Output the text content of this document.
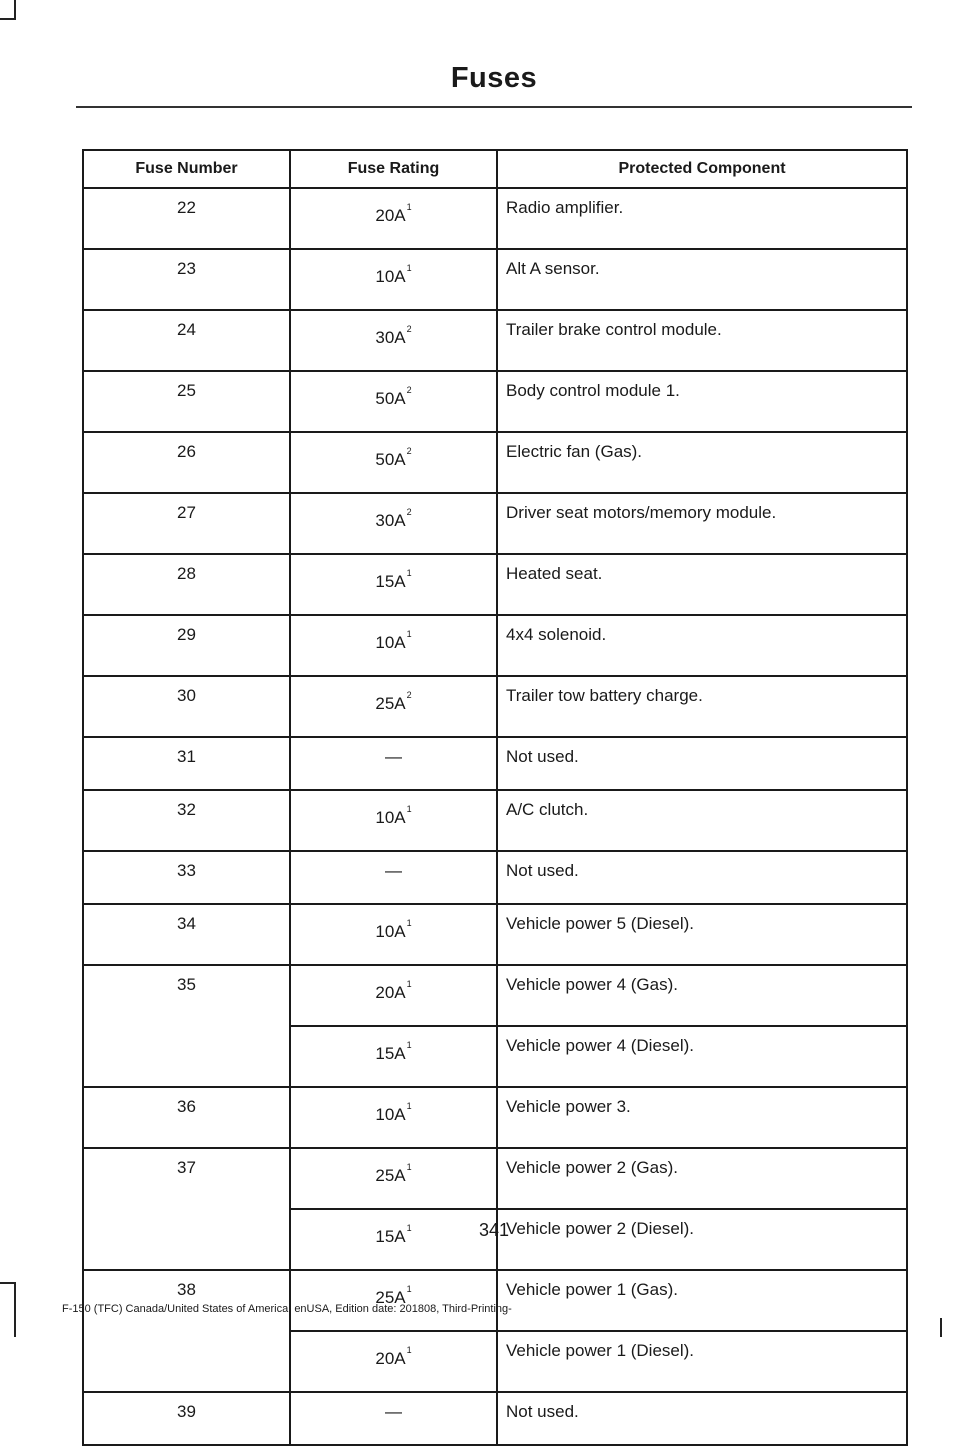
Fuses
Fuse Number	Fuse Rating	Protected Component
22	$20A^1$	Radio amplifier.
23	$10A^1$	Alt A sensor.
24	$30A^2$	Trailer brake control module.
25	$50A^2$	Body control module 1.
26	$50A^2$	Electric fan (Gas).
27	$30A^2$	Driver seat motors/memory module.
28	$15A^1$	Heated seat.
29	$10A^1$	4x4 solenoid.
30	$25A^2$	Trailer tow battery charge.
31	—	Not used.
32	$10A^1$	A/C clutch.
33	—	Not used.
34	$10A^1$	Vehicle power 5 (Diesel).
35	$20A^1$	Vehicle power 4 (Gas).
	$15A^1$	Vehicle power 4 (Diesel).
36	$10A^1$	Vehicle power 3.
37	$25A^1$	Vehicle power 2 (Gas).
	$15A^1$	Vehicle power 2 (Diesel).
38	$25A^1$	Vehicle power 1 (Gas).
	$20A^1$	Vehicle power 1 (Diesel).
39	—	Not used.
341
F-150 (TFC) Canada/United States of America, enUSA, Edition date: 201808, Third-Printing-
